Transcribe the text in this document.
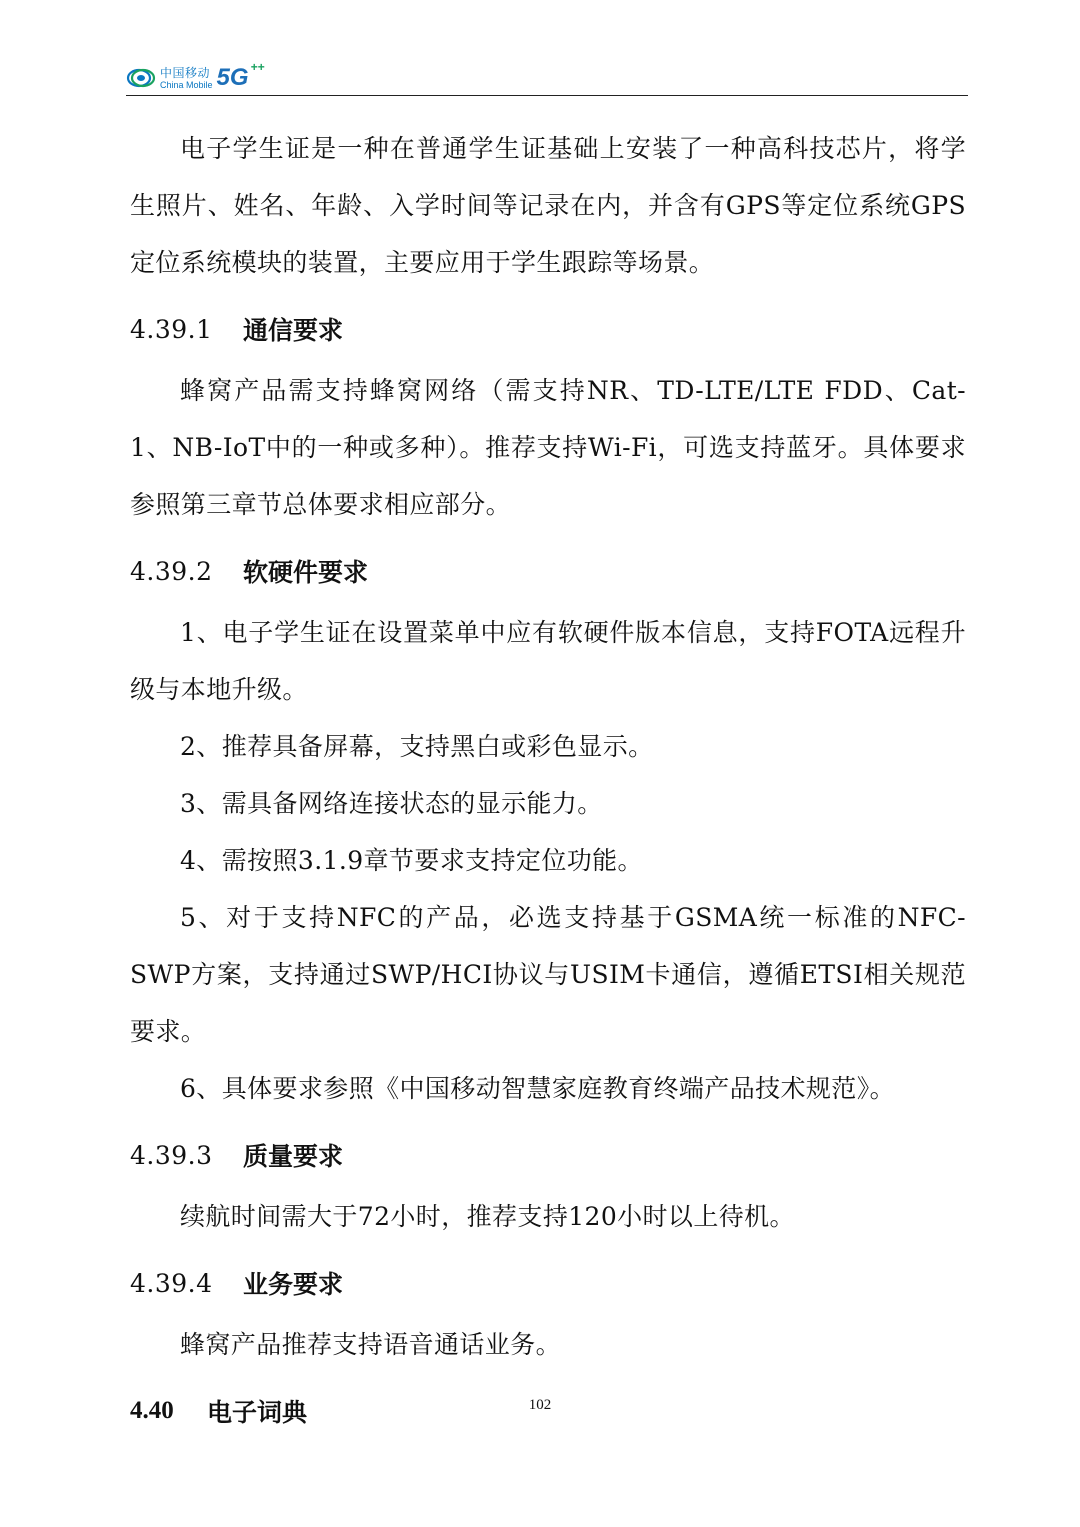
中国移动
China Mobile 5G ++

电子学生证是一种在普通学生证基础上安装了一种高科技芯片，将学生照片、姓名、年龄、入学时间等记录在内，并含有GPS等定位系统GPS定位系统模块的装置，主要应用于学生跟踪等场景。

4.39.1	通信要求

蜂窝产品需支持蜂窝网络（需支持NR、TD-LTE/LTE FDD、Cat-1、NB-IoT中的一种或多种）。推荐支持Wi-Fi，可选支持蓝牙。具体要求参照第三章节总体要求相应部分。

4.39.2	软硬件要求

1、电子学生证在设置菜单中应有软硬件版本信息，支持FOTA远程升级与本地升级。

2、推荐具备屏幕，支持黑白或彩色显示。

3、需具备网络连接状态的显示能力。

4、需按照3.1.9章节要求支持定位功能。

5、对于支持NFC的产品，必选支持基于GSMA统一标准的NFC-SWP方案，支持通过SWP/HCI协议与USIM卡通信，遵循ETSI相关规范要求。

6、具体要求参照《中国移动智慧家庭教育终端产品技术规范》。

4.39.3	质量要求

续航时间需大于72小时，推荐支持120小时以上待机。

4.39.4	业务要求

蜂窝产品推荐支持语音通话业务。

4.40	电子词典	102
